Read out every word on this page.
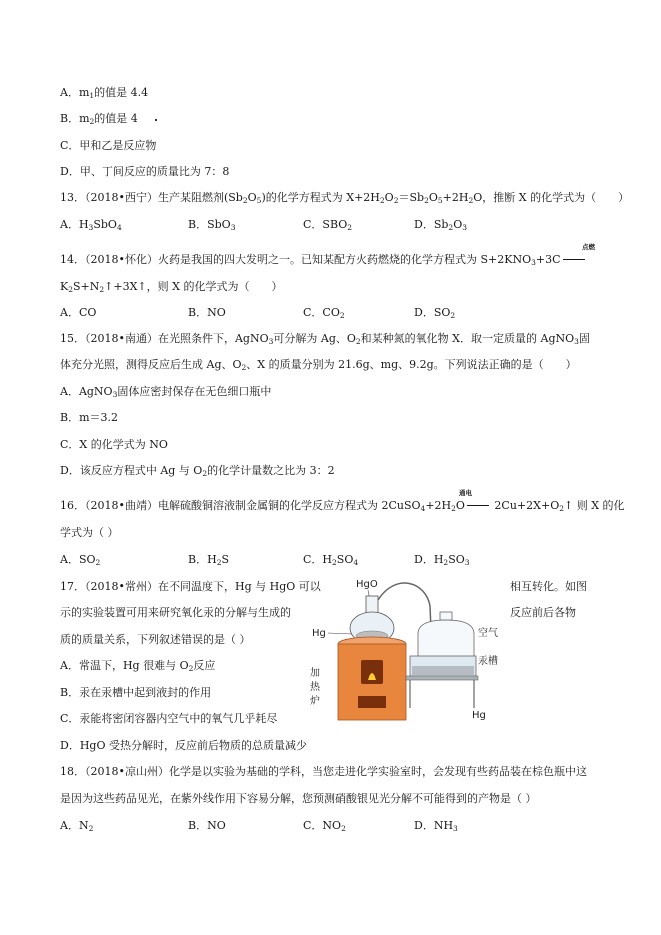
A．$m_1$的值是 4.4
B．$m_2$的值是 4
C．甲和乙是反应物
D．甲、丁间反应的质量比为 7：8
13．（2018•西宁）生产某阻燃剂$(Sb_2O_5)$的化学方程式为 $X+2H_2O_2=Sb_2O_5+2H_2O$，推断 X 的化学式为（　　）
A．$H_3SbO_4$	B．SbO$_3$	C．$SBO_2$	D．$Sb_2O_3$
14．（2018•怀化）火药是我国的四大发明之一。已知某配方火药燃烧的化学方程式为 $S+2KNO_3+3C$
点燃
$K_2S+N_2↑+3X↑$，则 X 的化学式为（　　）
A．CO	B．NO	C．$CO_2$	D．$SO_2$
15．（2018•南通）在光照条件下，AgNO$_3$可分解为 Ag、$O_2$和某种氮的氧化物 X．取一定质量的 AgNO$_3$固
体充分光照，测得反应后生成 Ag、$O_2$、X 的质量分别为 21.6g、mg、9.2g。下列说法正确的是（　　）
A．AgNO$_3$固体应密封保存在无色细口瓶中
B．m＝3.2
C．X 的化学式为 NO
D．该反应方程式中 Ag 与 $O_2$的化学计量数之比为 3：2
16．（2018•曲靖）电解硫酸铜溶液制金属铜的化学反应方程式为 $2CuSO_4+2H_2O$ $2Cu+2X+O_2↑$ 则 X 的化
通电
学式为（ ）
A．$SO_2$	B．$H_2S$	C．$H_2SO_4$	D．$H_2SO_3$
17．（2018•常州）在不同温度下，Hg 与 HgO 可以	相互转化。如图
示的实验装置可用来研究氧化汞的分解与生成的	反应前后各物
质的质量关系，下列叙述错误的是（ ）
A．常温下，Hg 很难与 $O_2$反应
B．汞在汞槽中起到液封的作用
C．汞能将密闭容器内空气中的氧气几乎耗尽
D．HgO 受热分解时，反应前后物质的总质量减少
HgO
Hg
加
热
炉
空气
汞槽
Hg
18．（2018•凉山州）化学是以实验为基础的学科，当您走进化学实验室时，会发现有些药品装在棕色瓶中这
是因为这些药品见光，在紫外线作用下容易分解，您预测硝酸银见光分解不可能得到的产物是（ ）
A．$N_2$	B．NO	C．$NO_2$	D．$NH_3$
